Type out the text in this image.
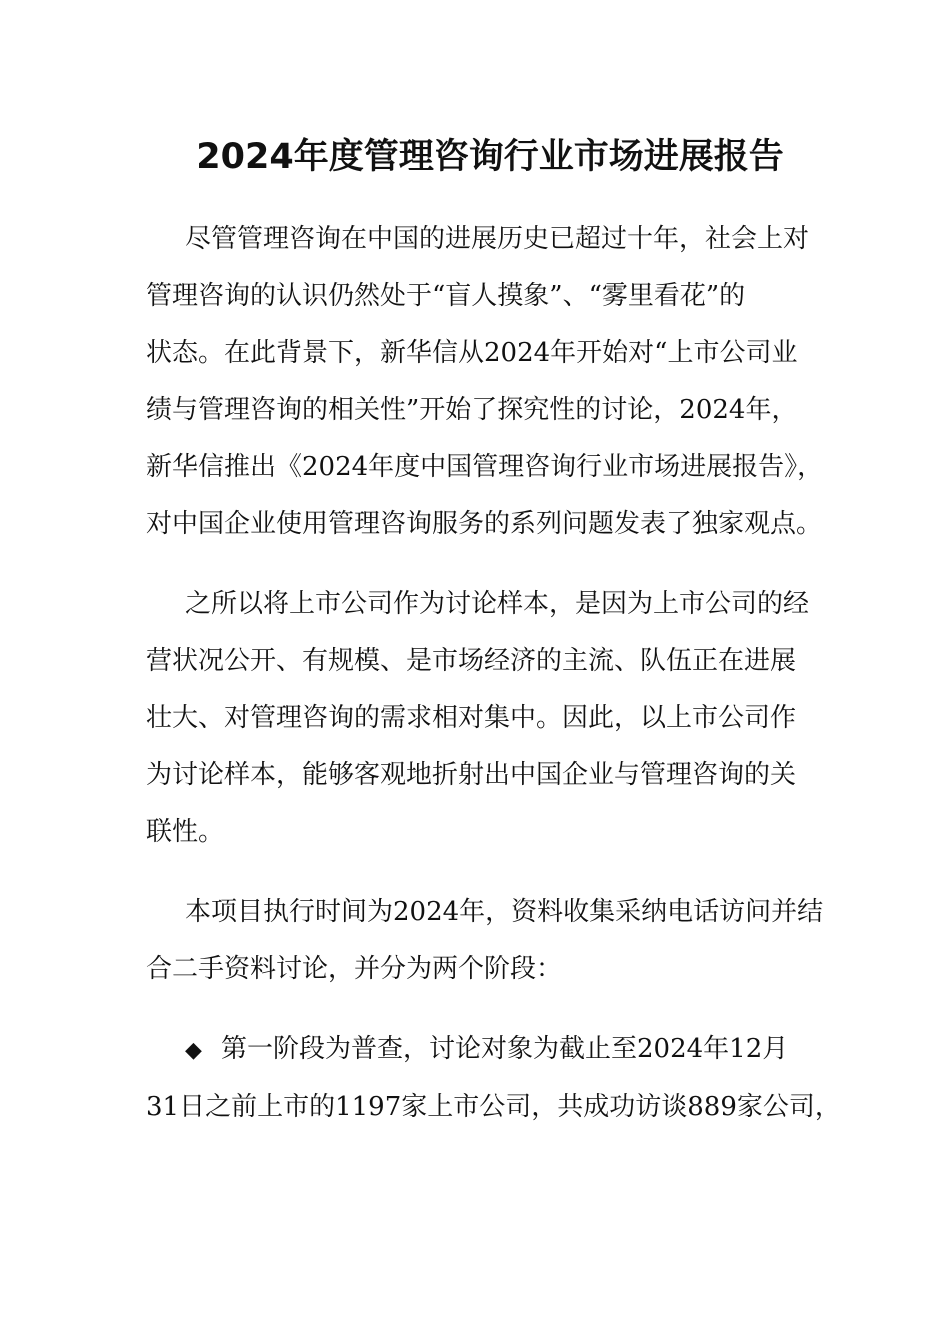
2024年度管理咨询行业市场进展报告
尽管管理咨询在中国的进展历史已超过十年，社会上对
管理咨询的认识仍然处于“盲人摸象”、“雾里看花”的
状态。在此背景下，新华信从2024年开始对“上市公司业
绩与管理咨询的相关性”开始了探究性的讨论，2024年，
新华信推出《2024年度中国管理咨询行业市场进展报告》，
对中国企业使用管理咨询服务的系列问题发表了独家观点。
之所以将上市公司作为讨论样本，是因为上市公司的经
营状况公开、有规模、是市场经济的主流、队伍正在进展
壮大、对管理咨询的需求相对集中。因此，以上市公司作
为讨论样本，能够客观地折射出中国企业与管理咨询的关
联性。
本项目执行时间为2024年，资料收集采纳电话访问并结
合二手资料讨论，并分为两个阶段：
◆ 第一阶段为普查，讨论对象为截止至2024年12月
31日之前上市的1197家上市公司，共成功访谈889家公司，
